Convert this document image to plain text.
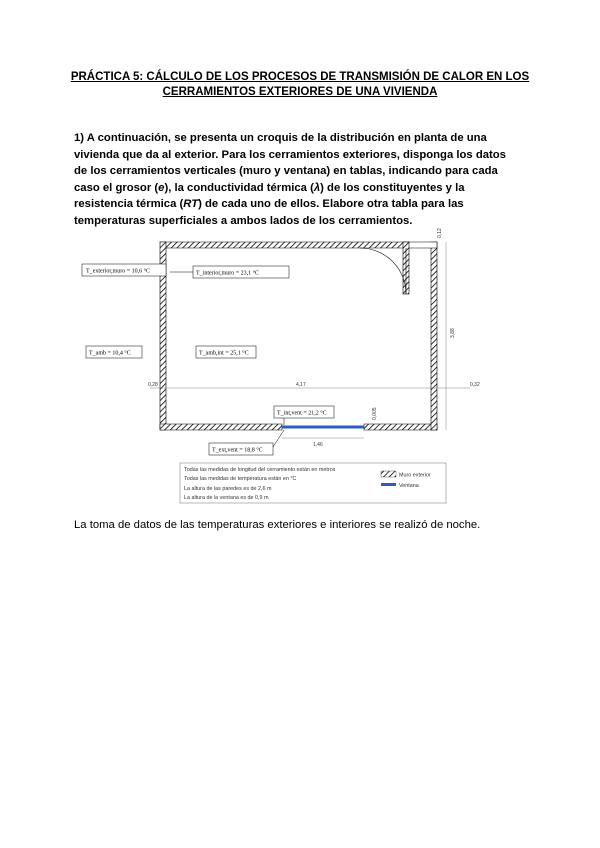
PRÁCTICA 5: CÁLCULO DE LOS PROCESOS DE TRANSMISIÓN DE CALOR EN LOS
CERRAMIENTOS EXTERIORES DE UNA VIVIENDA
1) A continuación, se presenta un croquis de la distribución en planta de una vivienda que da al exterior. Para los cerramientos exteriores, disponga los datos de los cerramientos verticales (muro y ventana) en tablas, indicando para cada caso el grosor (e), la conductividad térmica (λ) de los constituyentes y la resistencia térmica (RT) de cada uno de ellos. Elabore otra tabla para las temperaturas superficiales a ambos lados de los cerramientos.
0,28	4,17	0,32
0,12
3,88
0,005
1,46
T_exterior,muro = 10,6 °C	T_interior,muro = 23,1 °C
T_amb = 10,4 °C	T_amb,int = 25,1 °C
T_int,vent = 21,2 °C
T_ext,vent = 18,8 °C
Todas las medidas de longitud del cerramiento están en metros
Todas las medidas de temperatura están en °C
La altura de las paredes es de 2,6 m
La altura de la ventana es de 0,9 m
Muro exterior
Ventana
La toma de datos de las temperaturas exteriores e interiores se realizó de noche.
